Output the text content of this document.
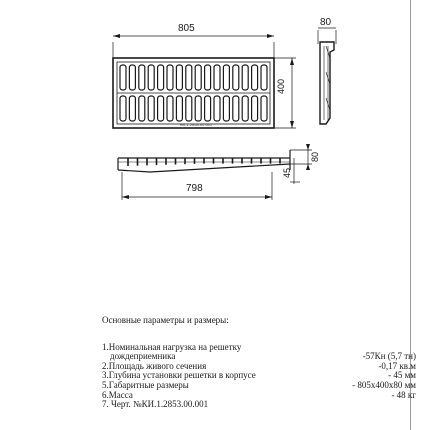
805
80
400
798
45
80
КИ-1.2853.00.001
Основные параметры и размеры:
1.Номинальная нагрузка на решетку
дождеприемника	-57Кн (5,7 тн)
2.Площадь живого сечения	-0,17 кв.м
3.Глубина установки решетки в корпусе	- 45 мм
5.Габаритные размеры	- 805х400х80 мм
6.Масса	- 48 кг
7. Черт. №КИ.1.2853.00.001
